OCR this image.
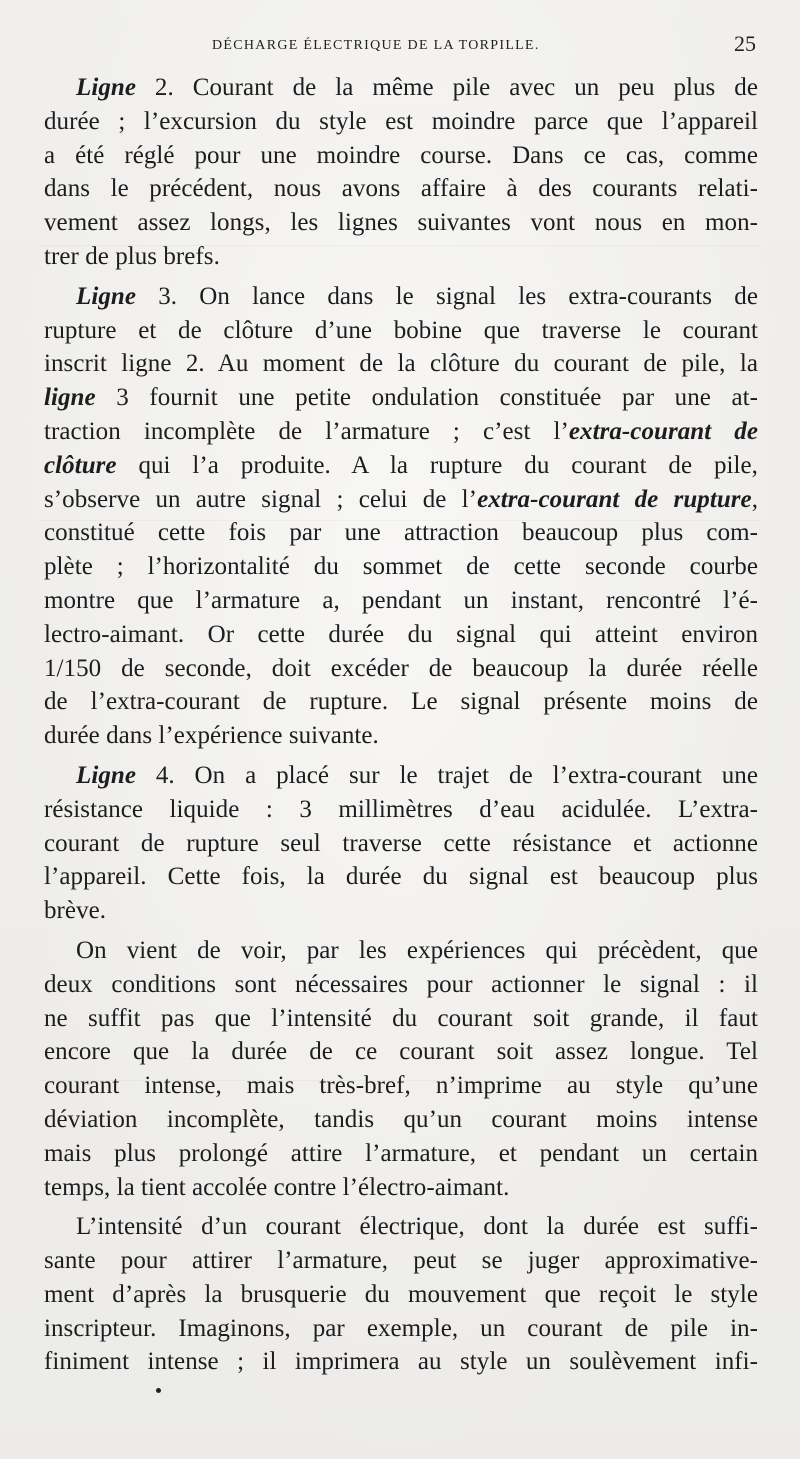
DÉCHARGE ÉLECTRIQUE DE LA TORPILLE.	25
Ligne 2. Courant de la même pile avec un peu plus de
durée ; l’excursion du style est moindre parce que l’appareil
a été réglé pour une moindre course. Dans ce cas, comme
dans le précédent, nous avons affaire à des courants relati-
vement assez longs, les lignes suivantes vont nous en mon-
trer de plus brefs.
Ligne 3. On lance dans le signal les extra-courants de
rupture et de clôture d’une bobine que traverse le courant
inscrit ligne 2. Au moment de la clôture du courant de pile, la
ligne 3 fournit une petite ondulation constituée par une at-
traction incomplète de l’armature ; c’est l’extra-courant de
clôture qui l’a produite. A la rupture du courant de pile,
s’observe un autre signal ; celui de l’extra-courant de rupture,
constitué cette fois par une attraction beaucoup plus com-
plète ; l’horizontalité du sommet de cette seconde courbe
montre que l’armature a, pendant un instant, rencontré l’é-
lectro-aimant. Or cette durée du signal qui atteint environ
1/150 de seconde, doit excéder de beaucoup la durée réelle
de l’extra-courant de rupture. Le signal présente moins de
durée dans l’expérience suivante.
Ligne 4. On a placé sur le trajet de l’extra-courant une
résistance liquide : 3 millimètres d’eau acidulée. L’extra-
courant de rupture seul traverse cette résistance et actionne
l’appareil. Cette fois, la durée du signal est beaucoup plus
brève.
On vient de voir, par les expériences qui précèdent, que
deux conditions sont nécessaires pour actionner le signal : il
ne suffit pas que l’intensité du courant soit grande, il faut
encore que la durée de ce courant soit assez longue. Tel
courant intense, mais très-bref, n’imprime au style qu’une
déviation incomplète, tandis qu’un courant moins intense
mais plus prolongé attire l’armature, et pendant un certain
temps, la tient accolée contre l’électro-aimant.
L’intensité d’un courant électrique, dont la durée est suffi-
sante pour attirer l’armature, peut se juger approximative-
ment d’après la brusquerie du mouvement que reçoit le style
inscripteur. Imaginons, par exemple, un courant de pile in-
finiment intense ; il imprimera au style un soulèvement infi-
